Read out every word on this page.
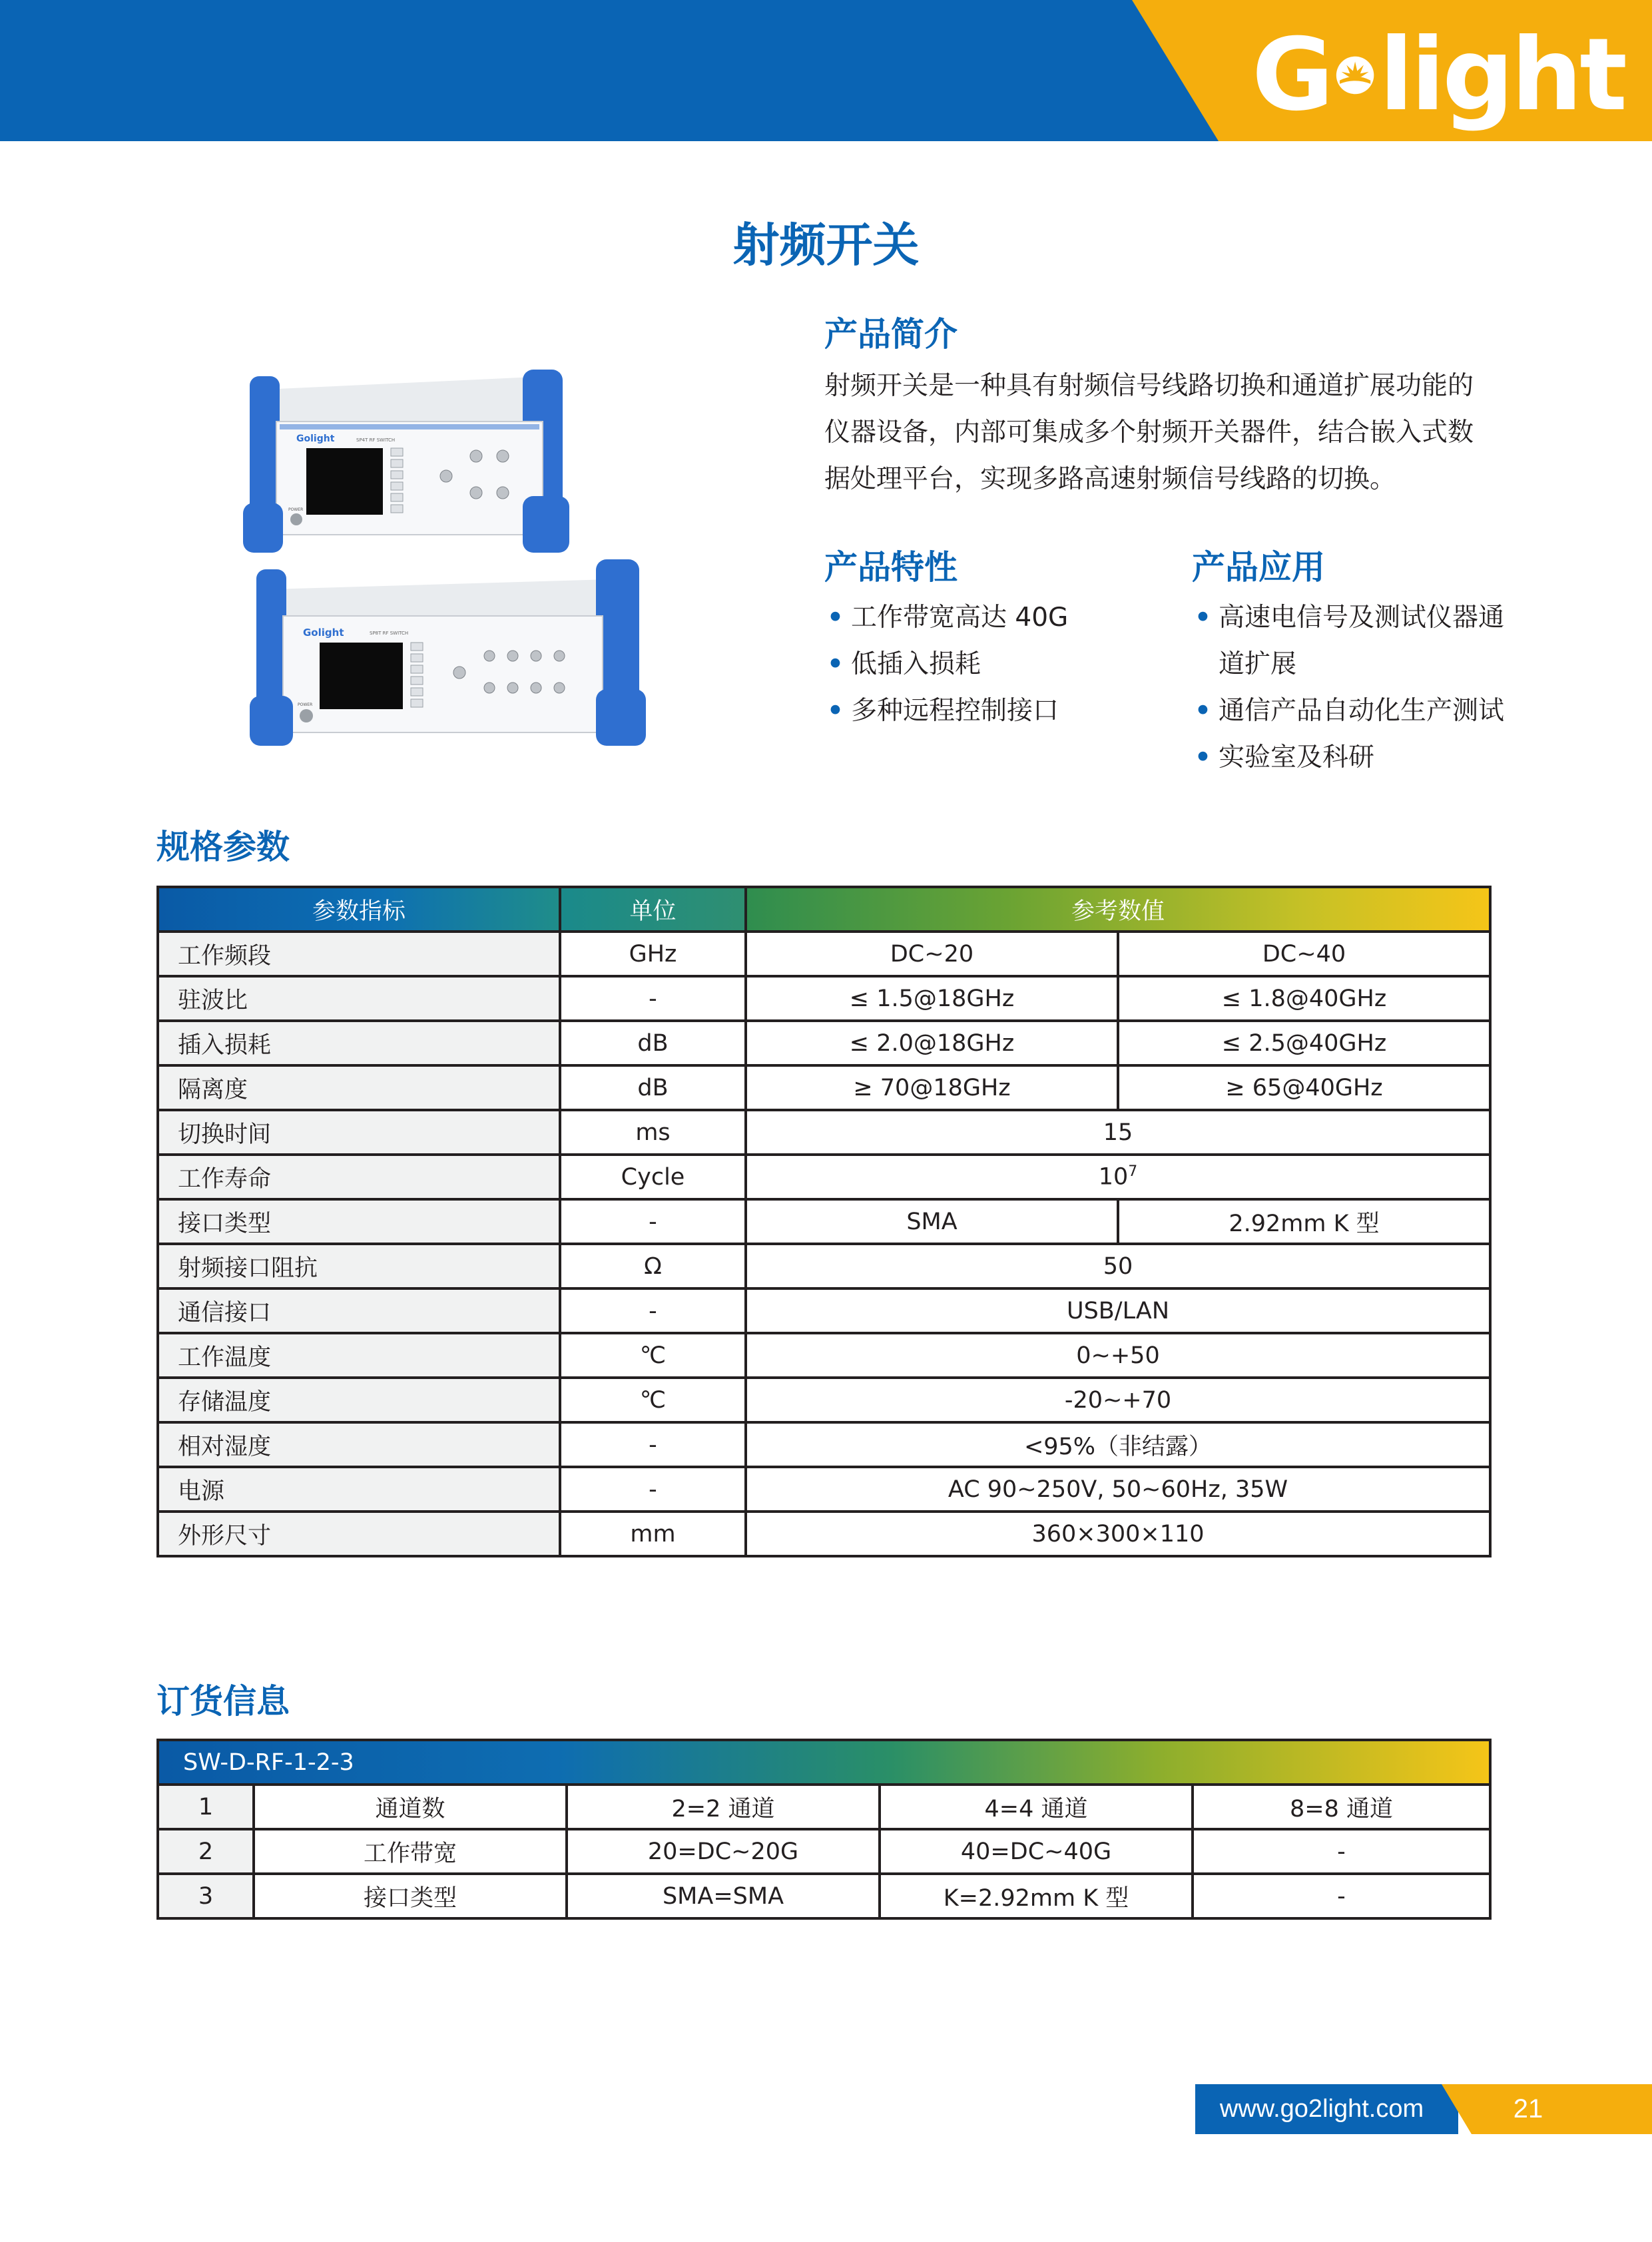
G light
射频开关
Golight	SP4T RF SWITCH
POWER
Golight	SP8T RF SWITCH
POWER
产品简介
射频开关是一种具有射频信号线路切换和通道扩展功能的仪器设备，内部可集成多个射频开关器件，结合嵌入式数据处理平台，实现多路高速射频信号线路的切换。
产品特性
• 工作带宽高达 40G
• 低插入损耗
• 多种远程控制接口
产品应用
• 高速电信号及测试仪器通道扩展
• 通信产品自动化生产测试
• 实验室及科研
规格参数
参数指标	单位	参考数值	
工作频段	GHz	DC~20	DC~40
驻波比	-	≤ 1.5@18GHz	≤ 1.8@40GHz
插入损耗	dB	≤ 2.0@18GHz	≤ 2.5@40GHz
隔离度	dB	≥ 70@18GHz	≥ 65@40GHz
切换时间	ms	15	
工作寿命	Cycle	$10^7$
接口类型	-	SMA	2.92mm K 型
射频接口阻抗	Ω	50	
通信接口	-	USB/LAN	
工作温度	℃	0~+50	
存储温度	℃	-20~+70	
相对湿度	-	<95%（非结露）	
电源	-	AC 90~250V, 50~60Hz, 35W	
外形尺寸	mm	360×300×110	
订货信息
SW-D-RF-1-2-3				
1	通道数	2=2 通道	4=4 通道	8=8 通道
2	工作带宽	20=DC~20G	40=DC~40G	-
3	接口类型	SMA=SMA	K=2.92mm K 型	-
www.go2light.com	21
